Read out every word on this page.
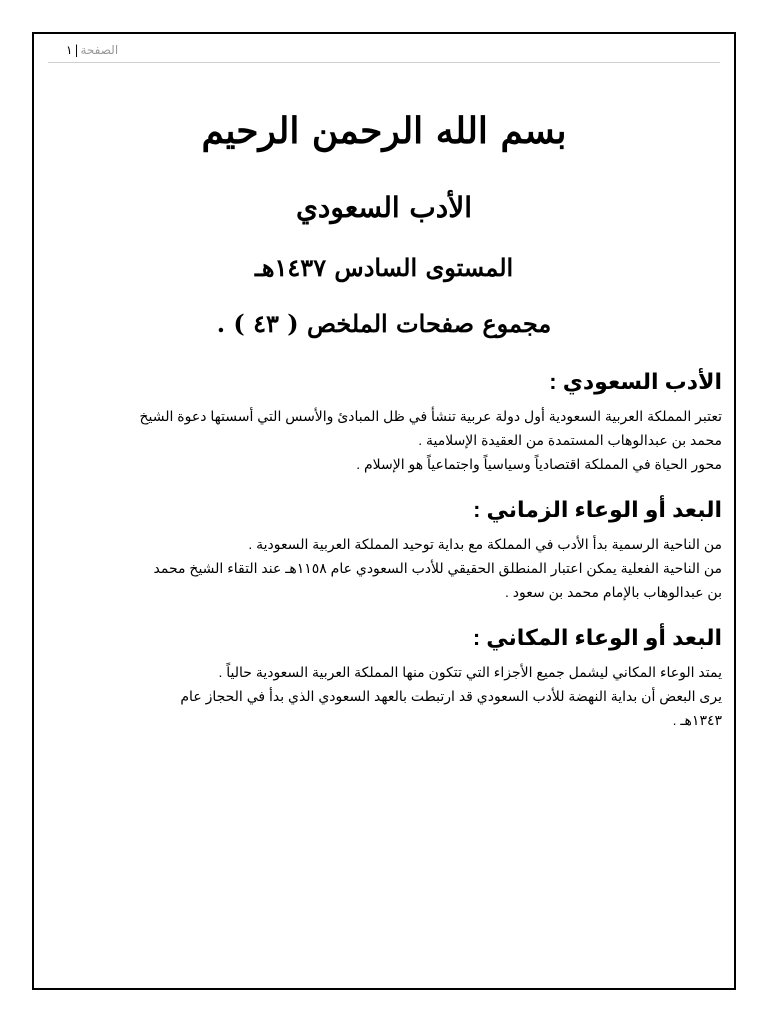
الصفحة
|
١
بسم الله الرحمن الرحيم
الأدب السعودي
المستوى السادس ١٤٣٧هـ
مجموع صفحات الملخص ( ٤٣ ) .
الأدب السعودي :

تعتبر المملكة العربية السعودية أول دولة عربية تنشأ في ظل المبادئ والأسس التي أسستها دعوة الشيخ

محمد بن عبدالوهاب المستمدة من العقيدة الإسلامية .

محور الحياة في المملكة اقتصادياً وسياسياً واجتماعياً هو الإسلام .

البعد أو الوعاء الزماني :

من الناحية الرسمية بدأ الأدب في المملكة مع بداية توحيد المملكة العربية السعودية .

من الناحية الفعلية يمكن اعتبار المنطلق الحقيقي للأدب السعودي عام ١١٥٨هـ عند التقاء الشيخ محمد

بن عبدالوهاب بالإمام محمد بن سعود .

البعد أو الوعاء المكاني :

يمتد الوعاء المكاني ليشمل جميع الأجزاء التي تتكون منها المملكة العربية السعودية حالياً .

يرى البعض أن بداية النهضة للأدب السعودي قد ارتبطت بالعهد السعودي الذي بدأ في الحجاز عام

١٣٤٣هـ .
